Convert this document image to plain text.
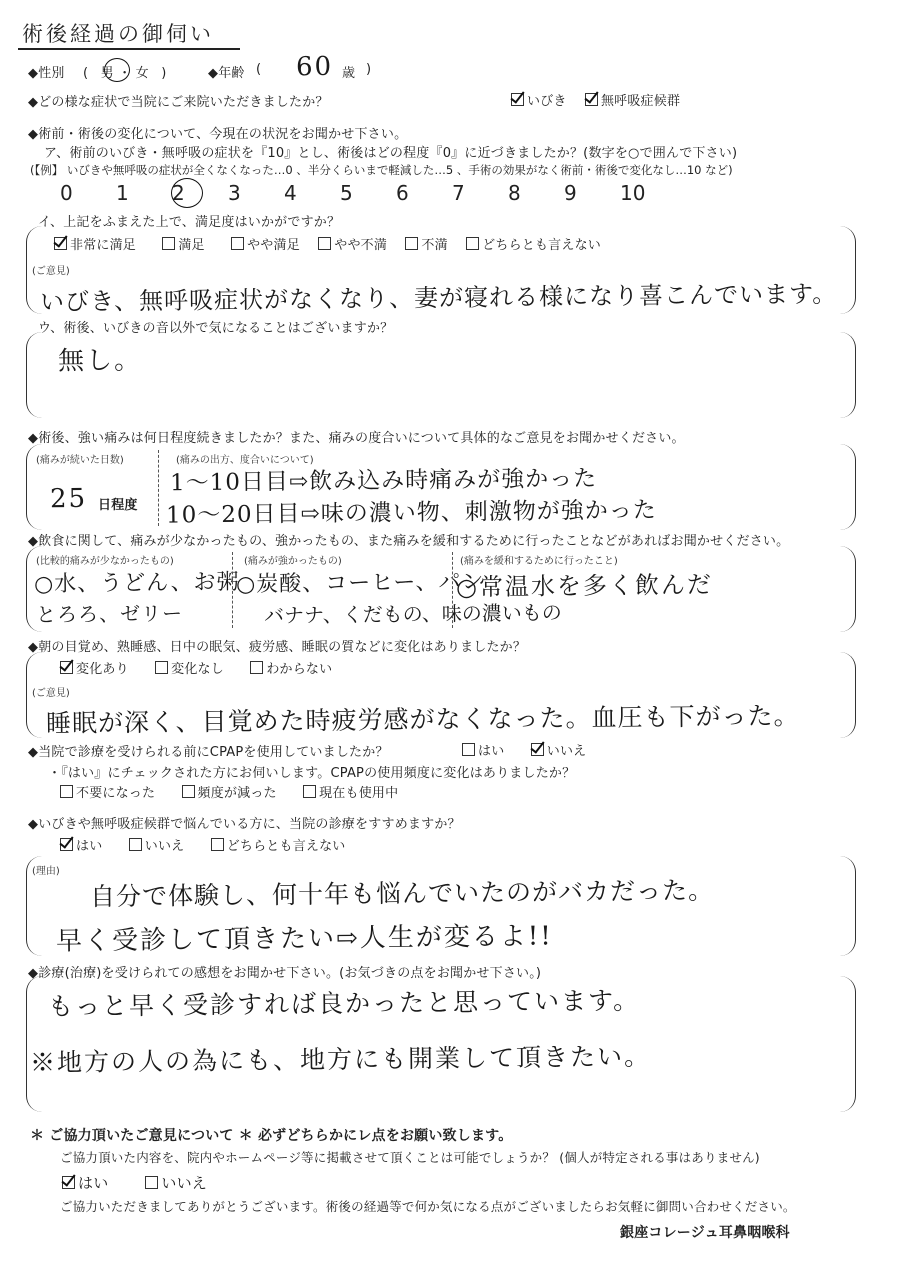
術後経過の御伺い
◆性別 ( 男 ・ 女 )	◆年齢 ( 60 歳 )
◆どの様な症状で当院にご来院いただきましたか？	いびき	無呼吸症候群
◆術前・術後の変化について、今現在の状況をお聞かせ下さい。
ア、術前のいびき・無呼吸の症状を『10』とし、術後はどの程度『0』に近づきましたか？(数字を○で囲んで下さい)
(【例】 いびきや無呼吸の症状が全くなくなった…0 、半分くらいまで軽減した…5 、手術の効果がなく術前・術後で変化なし…10 など)
0 1 2 3 4 5 6 7 8 9 10
イ、上記をふまえた上で、満足度はいかがですか？
非常に満足	満足	やや満足	やや不満	不満	どちらとも言えない
(ご意見)
いびき、無呼吸症状がなくなり、妻が寝れる様になり喜こんでいます。
ウ、術後、いびきの音以外で気になることはございますか？
無し。
◆術後、強い痛みは何日程度続きましたか？また、痛みの度合いについて具体的なご意見をお聞かせください。
(痛みが続いた日数)
25 日程度
(痛みの出方、度合いについて)
1〜10日目⇨飲み込み時痛みが強かった
10〜20日目⇨味の濃い物、刺激物が強かった
◆飲食に関して、痛みが少なかったもの、強かったもの、また痛みを緩和するために行ったことなどがあればお聞かせください。
(比較的痛みが少なかったもの)
○水、うどん、お粥
とろろ、ゼリー
(痛みが強かったもの)
○炭酸、コーヒー、パン
バナナ、くだもの、味の濃いもの
(痛みを緩和するために行ったこと)
○常温水を多く飲んだ
◆朝の目覚め、熟睡感、日中の眠気、疲労感、睡眠の質などに変化はありましたか？
変化あり	変化なし	わからない
(ご意見)
睡眠が深く、目覚めた時疲労感がなくなった。血圧も下がった。
◆当院で診療を受けられる前にCPAPを使用していましたか？	はい	いいえ
・『はい』にチェックされた方にお伺いします。CPAPの使用頻度に変化はありましたか？
不要になった	頻度が減った	現在も使用中
◆いびきや無呼吸症候群で悩んでいる方に、当院の診療をすすめますか？
はい	いいえ	どちらとも言えない
(理由)
自分で体験し、何十年も悩んでいたのがバカだった。
早く受診して頂きたい⇨人生が変るよ!!
◆診療(治療)を受けられての感想をお聞かせ下さい。(お気づきの点をお聞かせ下さい。)
もっと早く受診すれば良かったと思っています。
※地方の人の為にも、地方にも開業して頂きたい。
＊ ご協力頂いたご意見について ＊ 必ずどちらかにレ点をお願い致します。
ご協力頂いた内容を、院内やホームページ等に掲載させて頂くことは可能でしょうか？ (個人が特定される事はありません)
はい	いいえ
ご協力いただきましてありがとうございます。術後の経過等で何か気になる点がございましたらお気軽に御問い合わせください。
銀座コレージュ耳鼻咽喉科
